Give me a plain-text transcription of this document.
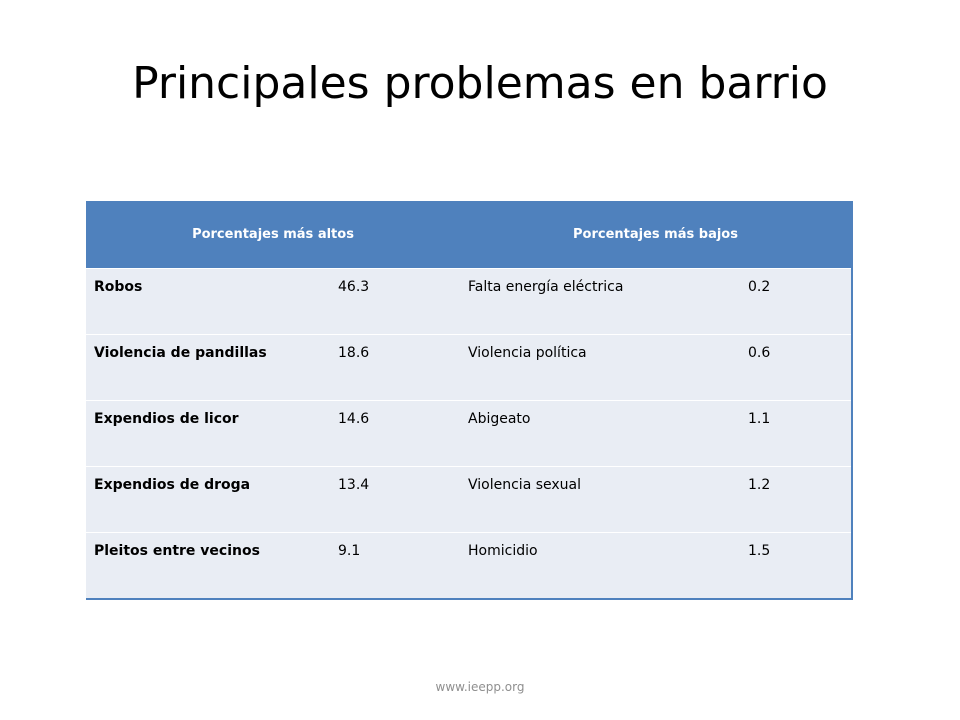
Principales problemas en barrio
Porcentajes más altos		Porcentajes más bajos	
Robos	46.3	Falta energía eléctrica	0.2
Violencia de pandillas	18.6	Violencia política	0.6
Expendios de licor	14.6	Abigeato	1.1
Expendios de droga	13.4	Violencia sexual	1.2
Pleitos entre vecinos	9.1	Homicidio	1.5
www.ieepp.org
